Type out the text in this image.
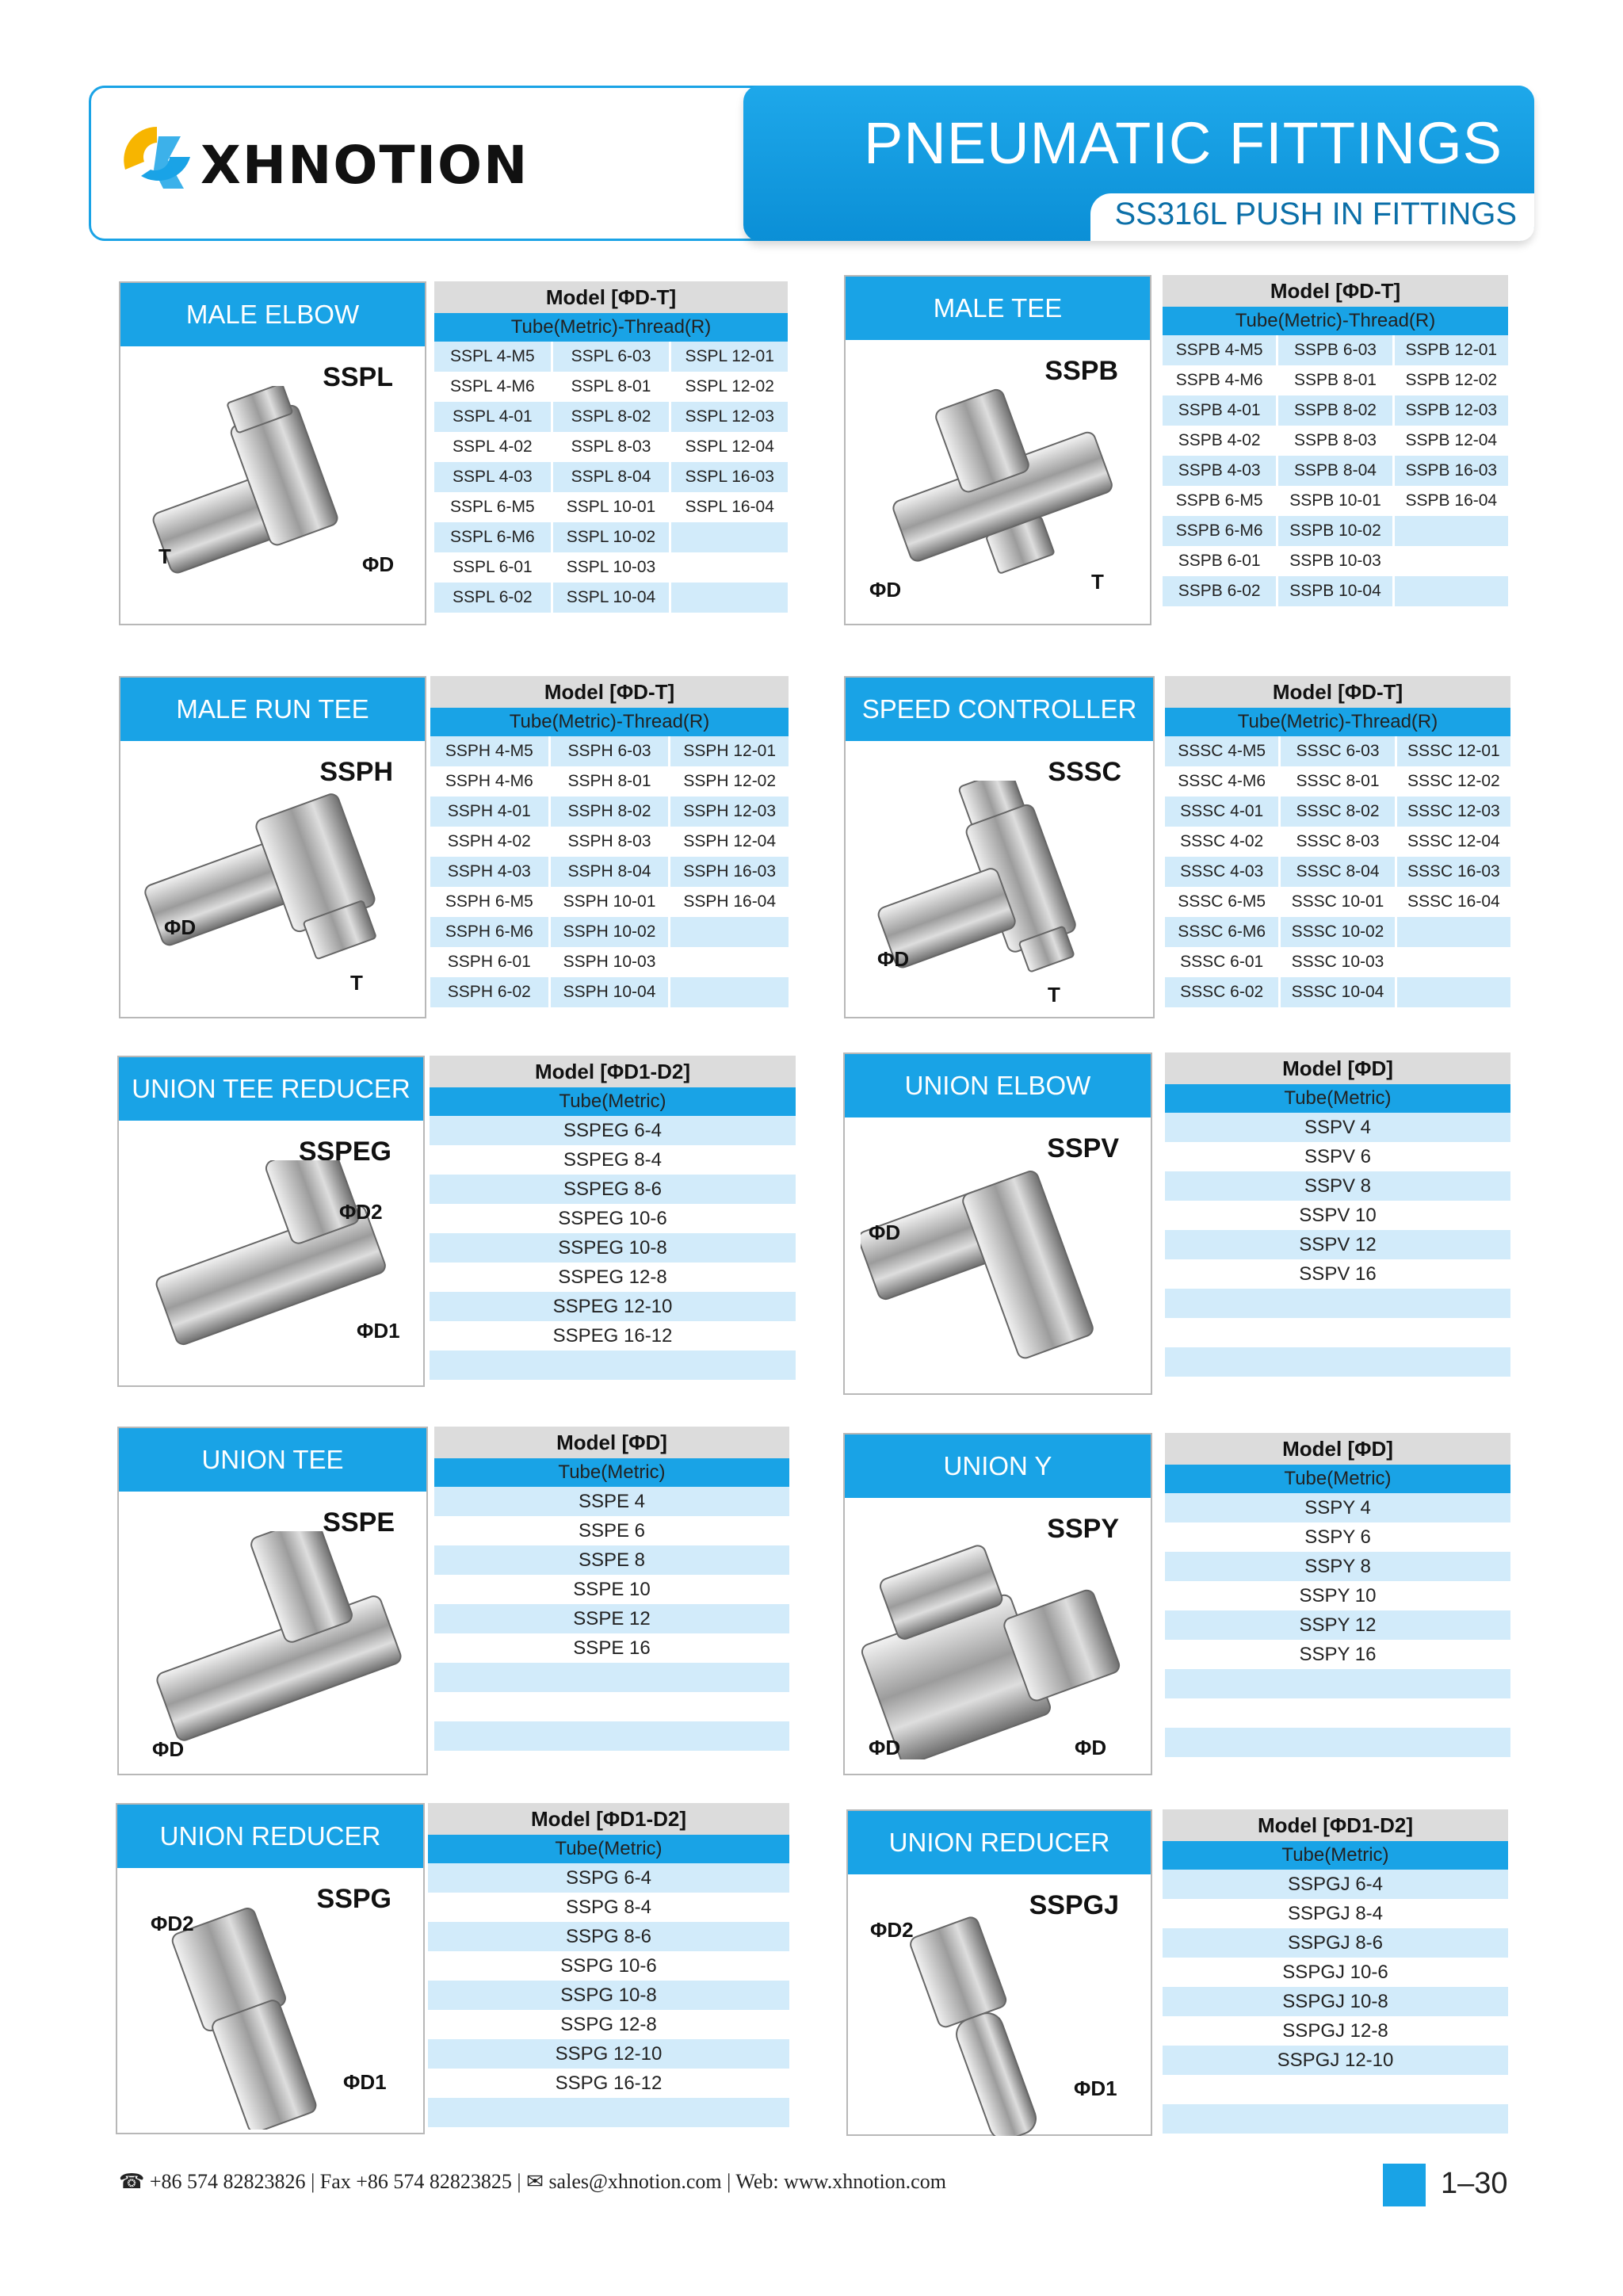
XHNOTION	PNEUMATIC FITTINGS
SS316L PUSH IN FITTINGS
MALE ELBOW
SSPL
T	ΦD
Model [ΦD-T]
Tube(Metric)-Thread(R)
SSPL 4-M5	SSPL 6-03	SSPL 12-01
SSPL 4-M6	SSPL 8-01	SSPL 12-02
SSPL 4-01	SSPL 8-02	SSPL 12-03
SSPL 4-02	SSPL 8-03	SSPL 12-04
SSPL 4-03	SSPL 8-04	SSPL 16-03
SSPL 6-M5	SSPL 10-01	SSPL 16-04
SSPL 6-M6	SSPL 10-02
SSPL 6-01	SSPL 10-03
SSPL 6-02	SSPL 10-04
MALE TEE
SSPB
ΦD	T
Model [ΦD-T]
Tube(Metric)-Thread(R)
SSPB 4-M5	SSPB 6-03	SSPB 12-01
SSPB 4-M6	SSPB 8-01	SSPB 12-02
SSPB 4-01	SSPB 8-02	SSPB 12-03
SSPB 4-02	SSPB 8-03	SSPB 12-04
SSPB 4-03	SSPB 8-04	SSPB 16-03
SSPB 6-M5	SSPB 10-01	SSPB 16-04
SSPB 6-M6	SSPB 10-02
SSPB 6-01	SSPB 10-03
SSPB 6-02	SSPB 10-04
MALE RUN TEE
SSPH
ΦD
T
Model [ΦD-T]
Tube(Metric)-Thread(R)
SSPH 4-M5	SSPH 6-03	SSPH 12-01
SSPH 4-M6	SSPH 8-01	SSPH 12-02
SSPH 4-01	SSPH 8-02	SSPH 12-03
SSPH 4-02	SSPH 8-03	SSPH 12-04
SSPH 4-03	SSPH 8-04	SSPH 16-03
SSPH 6-M5	SSPH 10-01	SSPH 16-04
SSPH 6-M6	SSPH 10-02
SSPH 6-01	SSPH 10-03
SSPH 6-02	SSPH 10-04
SPEED CONTROLLER
SSSC
ΦD
T
Model [ΦD-T]
Tube(Metric)-Thread(R)
SSSC 4-M5	SSSC 6-03	SSSC 12-01
SSSC 4-M6	SSSC 8-01	SSSC 12-02
SSSC 4-01	SSSC 8-02	SSSC 12-03
SSSC 4-02	SSSC 8-03	SSSC 12-04
SSSC 4-03	SSSC 8-04	SSSC 16-03
SSSC 6-M5	SSSC 10-01	SSSC 16-04
SSSC 6-M6	SSSC 10-02
SSSC 6-01	SSSC 10-03
SSSC 6-02	SSSC 10-04
UNION TEE REDUCER
SSPEG
ΦD2
ΦD1
Model [ΦD1-D2]
Tube(Metric)
SSPEG 6-4
SSPEG 8-4
SSPEG 8-6
SSPEG 10-6
SSPEG 10-8
SSPEG 12-8
SSPEG 12-10
SSPEG 16-12
UNION ELBOW
SSPV
ΦD
Model [ΦD]
Tube(Metric)
SSPV 4
SSPV 6
SSPV 8
SSPV 10
SSPV 12
SSPV 16
UNION TEE
SSPE
ΦD
Model [ΦD]
Tube(Metric)
SSPE 4
SSPE 6
SSPE 8
SSPE 10
SSPE 12
SSPE 16
UNION Y
SSPY
ΦD	ΦD
Model [ΦD]
Tube(Metric)
SSPY 4
SSPY 6
SSPY 8
SSPY 10
SSPY 12
SSPY 16
UNION REDUCER
SSPG
ΦD2
ΦD1
Model [ΦD1-D2]
Tube(Metric)
SSPG 6-4
SSPG 8-4
SSPG 8-6
SSPG 10-6
SSPG 10-8
SSPG 12-8
SSPG 12-10
SSPG 16-12
UNION REDUCER
SSPGJ
ΦD2
ΦD1
Model [ΦD1-D2]
Tube(Metric)
SSPGJ 6-4
SSPGJ 8-4
SSPGJ 8-6
SSPGJ 10-6
SSPGJ 10-8
SSPGJ 12-8
SSPGJ 12-10
☎ +86 574 82823826 | Fax +86 574 82823825 | ✉ sales@xhnotion.com | Web: www.xhnotion.com	1–30
